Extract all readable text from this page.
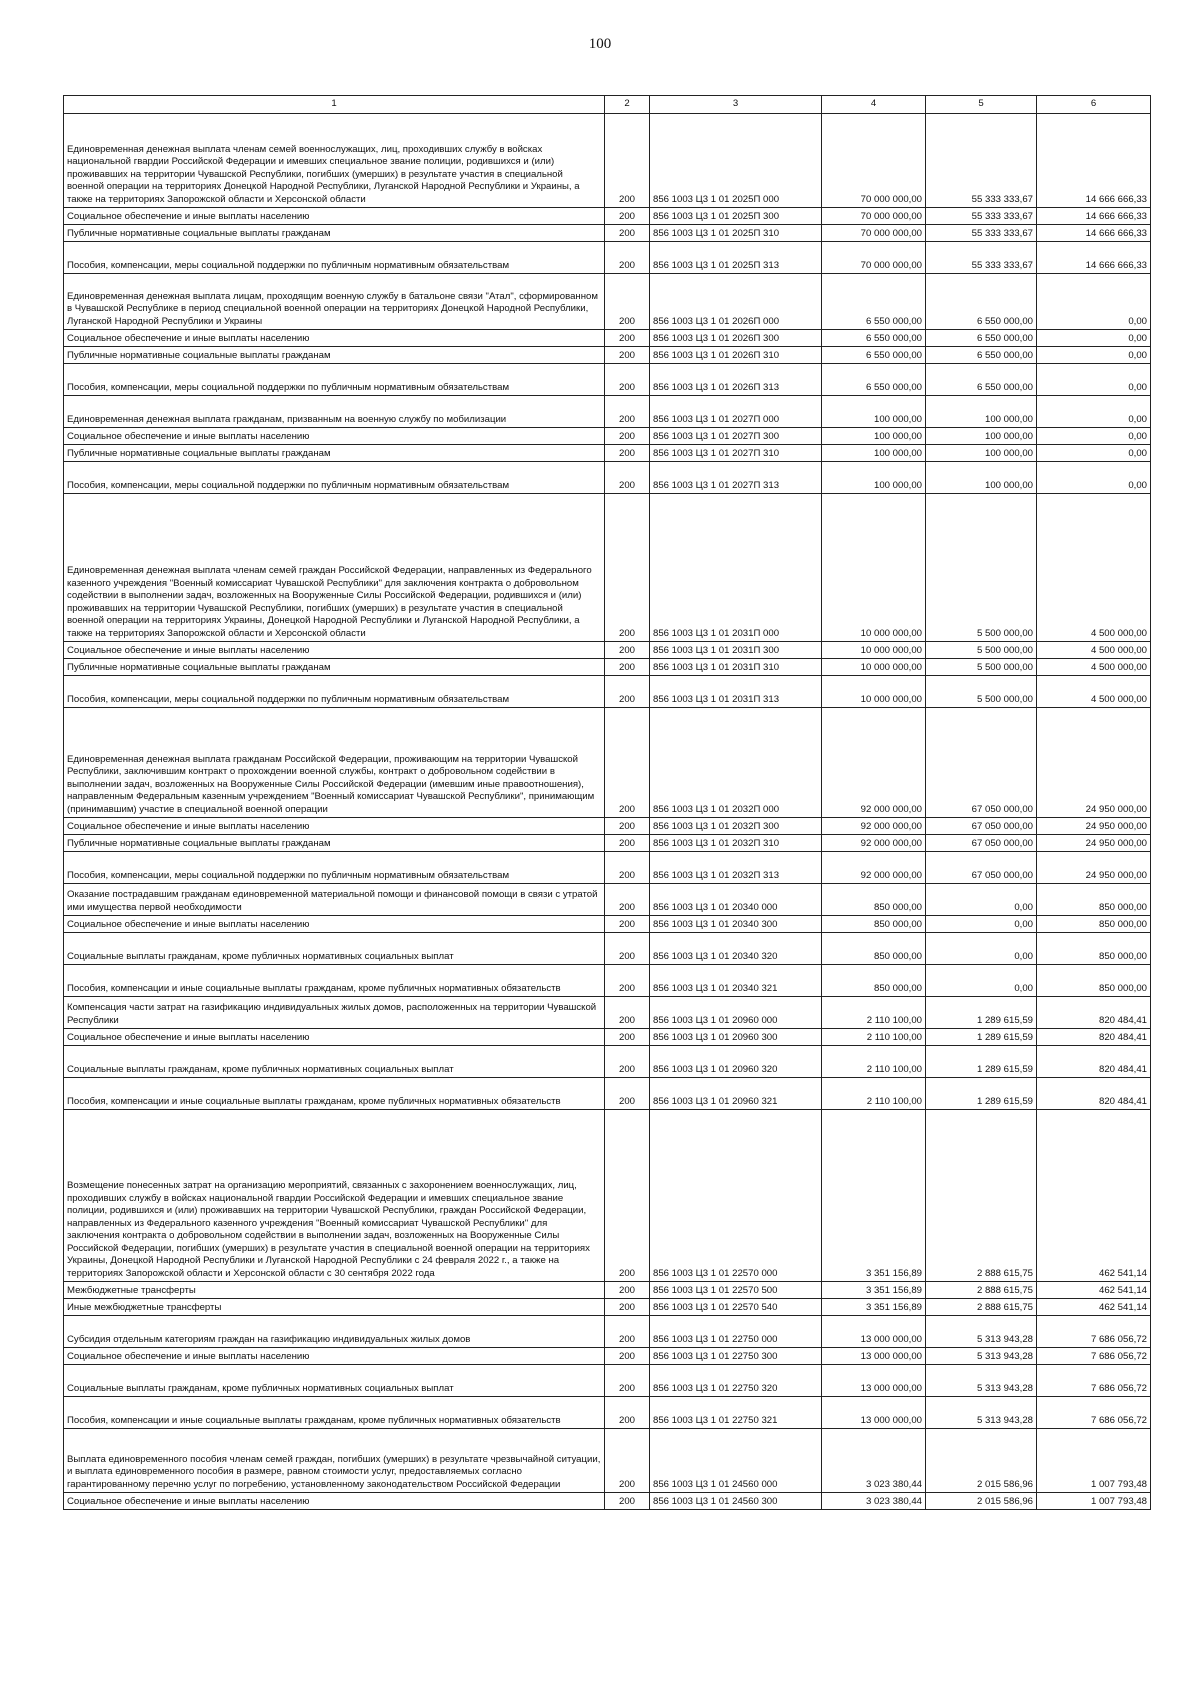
100
1	2	3	4	5	6
Единовременная денежная выплата членам семей военнослужащих, лиц, проходивших службу в войсках национальной гвардии Российской Федерации и имевших специальное звание полиции, родившихся и (или) проживавших на территории Чувашской Республики, погибших (умерших) в результате участия в специальной военной операции на территориях Донецкой Народной Республики, Луганской Народной Республики и Украины, а также на территориях Запорожской области и Херсонской области	200	856 1003 Ц3 1 01 2025П 000	70 000 000,00	55 333 333,67	14 666 666,33
Социальное обеспечение и иные выплаты населению	200	856 1003 Ц3 1 01 2025П 300	70 000 000,00	55 333 333,67	14 666 666,33
Публичные нормативные социальные выплаты гражданам	200	856 1003 Ц3 1 01 2025П 310	70 000 000,00	55 333 333,67	14 666 666,33
Пособия, компенсации, меры социальной поддержки по публичным нормативным обязательствам	200	856 1003 Ц3 1 01 2025П 313	70 000 000,00	55 333 333,67	14 666 666,33
Единовременная денежная выплата лицам, проходящим военную службу в батальоне связи "Атал", сформированном в Чувашской Республике в период специальной военной операции на территориях Донецкой Народной Республики, Луганской Народной Республики и Украины	200	856 1003 Ц3 1 01 2026П 000	6 550 000,00	6 550 000,00	0,00
Социальное обеспечение и иные выплаты населению	200	856 1003 Ц3 1 01 2026П 300	6 550 000,00	6 550 000,00	0,00
Публичные нормативные социальные выплаты гражданам	200	856 1003 Ц3 1 01 2026П 310	6 550 000,00	6 550 000,00	0,00
Пособия, компенсации, меры социальной поддержки по публичным нормативным обязательствам	200	856 1003 Ц3 1 01 2026П 313	6 550 000,00	6 550 000,00	0,00
Единовременная денежная выплата гражданам, призванным на военную службу по мобилизации	200	856 1003 Ц3 1 01 2027П 000	100 000,00	100 000,00	0,00
Социальное обеспечение и иные выплаты населению	200	856 1003 Ц3 1 01 2027П 300	100 000,00	100 000,00	0,00
Публичные нормативные социальные выплаты гражданам	200	856 1003 Ц3 1 01 2027П 310	100 000,00	100 000,00	0,00
Пособия, компенсации, меры социальной поддержки по публичным нормативным обязательствам	200	856 1003 Ц3 1 01 2027П 313	100 000,00	100 000,00	0,00
Единовременная денежная выплата членам семей граждан Российской Федерации, направленных из Федерального казенного учреждения "Военный комиссариат Чувашской Республики" для заключения контракта о добровольном содействии в выполнении задач, возложенных на Вооруженные Силы Российской Федерации, родившихся и (или) проживавших на территории Чувашской Республики, погибших (умерших) в результате участия в специальной военной операции на территориях Украины, Донецкой Народной Республики и Луганской Народной Республики, а также на территориях Запорожской области и Херсонской области	200	856 1003 Ц3 1 01 2031П 000	10 000 000,00	5 500 000,00	4 500 000,00
Социальное обеспечение и иные выплаты населению	200	856 1003 Ц3 1 01 2031П 300	10 000 000,00	5 500 000,00	4 500 000,00
Публичные нормативные социальные выплаты гражданам	200	856 1003 Ц3 1 01 2031П 310	10 000 000,00	5 500 000,00	4 500 000,00
Пособия, компенсации, меры социальной поддержки по публичным нормативным обязательствам	200	856 1003 Ц3 1 01 2031П 313	10 000 000,00	5 500 000,00	4 500 000,00
Единовременная денежная выплата гражданам Российской Федерации, проживающим на территории Чувашской Республики, заключившим контракт о прохождении военной службы, контракт о добровольном содействии в выполнении задач, возложенных на Вооруженные Силы Российской Федерации (имевшим иные правоотношения), направленным Федеральным казенным учреждением "Военный комиссариат Чувашской Республики", принимающим (принимавшим) участие в специальной военной операции	200	856 1003 Ц3 1 01 2032П 000	92 000 000,00	67 050 000,00	24 950 000,00
Социальное обеспечение и иные выплаты населению	200	856 1003 Ц3 1 01 2032П 300	92 000 000,00	67 050 000,00	24 950 000,00
Публичные нормативные социальные выплаты гражданам	200	856 1003 Ц3 1 01 2032П 310	92 000 000,00	67 050 000,00	24 950 000,00
Пособия, компенсации, меры социальной поддержки по публичным нормативным обязательствам	200	856 1003 Ц3 1 01 2032П 313	92 000 000,00	67 050 000,00	24 950 000,00
Оказание пострадавшим гражданам единовременной материальной помощи и финансовой помощи в связи с утратой ими имущества первой необходимости	200	856 1003 Ц3 1 01 20340 000	850 000,00	0,00	850 000,00
Социальное обеспечение и иные выплаты населению	200	856 1003 Ц3 1 01 20340 300	850 000,00	0,00	850 000,00
Социальные выплаты гражданам, кроме публичных нормативных социальных выплат	200	856 1003 Ц3 1 01 20340 320	850 000,00	0,00	850 000,00
Пособия, компенсации и иные социальные выплаты гражданам, кроме публичных нормативных обязательств	200	856 1003 Ц3 1 01 20340 321	850 000,00	0,00	850 000,00
Компенсация части затрат на газификацию индивидуальных жилых домов, расположенных на территории Чувашской Республики	200	856 1003 Ц3 1 01 20960 000	2 110 100,00	1 289 615,59	820 484,41
Социальное обеспечение и иные выплаты населению	200	856 1003 Ц3 1 01 20960 300	2 110 100,00	1 289 615,59	820 484,41
Социальные выплаты гражданам, кроме публичных нормативных социальных выплат	200	856 1003 Ц3 1 01 20960 320	2 110 100,00	1 289 615,59	820 484,41
Пособия, компенсации и иные социальные выплаты гражданам, кроме публичных нормативных обязательств	200	856 1003 Ц3 1 01 20960 321	2 110 100,00	1 289 615,59	820 484,41
Возмещение понесенных затрат на организацию мероприятий, связанных с захоронением военнослужащих, лиц, проходивших службу в войсках национальной гвардии Российской Федерации и имевших специальное звание полиции, родившихся и (или) проживавших на территории Чувашской Республики, граждан Российской Федерации, направленных из Федерального казенного учреждения "Военный комиссариат Чувашской Республики" для заключения контракта о добровольном содействии в выполнении задач, возложенных на Вооруженные Силы Российской Федерации, погибших (умерших) в результате участия в специальной военной операции на территориях Украины, Донецкой Народной Республики и Луганской Народной Республики с 24 февраля 2022 г., а также на территориях Запорожской области и Херсонской области с 30 сентября 2022 года	200	856 1003 Ц3 1 01 22570 000	3 351 156,89	2 888 615,75	462 541,14
Межбюджетные трансферты	200	856 1003 Ц3 1 01 22570 500	3 351 156,89	2 888 615,75	462 541,14
Иные межбюджетные трансферты	200	856 1003 Ц3 1 01 22570 540	3 351 156,89	2 888 615,75	462 541,14
Субсидия отдельным категориям граждан на газификацию индивидуальных жилых домов	200	856 1003 Ц3 1 01 22750 000	13 000 000,00	5 313 943,28	7 686 056,72
Социальное обеспечение и иные выплаты населению	200	856 1003 Ц3 1 01 22750 300	13 000 000,00	5 313 943,28	7 686 056,72
Социальные выплаты гражданам, кроме публичных нормативных социальных выплат	200	856 1003 Ц3 1 01 22750 320	13 000 000,00	5 313 943,28	7 686 056,72
Пособия, компенсации и иные социальные выплаты гражданам, кроме публичных нормативных обязательств	200	856 1003 Ц3 1 01 22750 321	13 000 000,00	5 313 943,28	7 686 056,72
Выплата единовременного пособия членам семей граждан, погибших (умерших) в результате чрезвычайной ситуации, и выплата единовременного пособия в размере, равном стоимости услуг, предоставляемых согласно гарантированному перечню услуг по погребению, установленному законодательством Российской Федерации	200	856 1003 Ц3 1 01 24560 000	3 023 380,44	2 015 586,96	1 007 793,48
Социальное обеспечение и иные выплаты населению	200	856 1003 Ц3 1 01 24560 300	3 023 380,44	2 015 586,96	1 007 793,48
